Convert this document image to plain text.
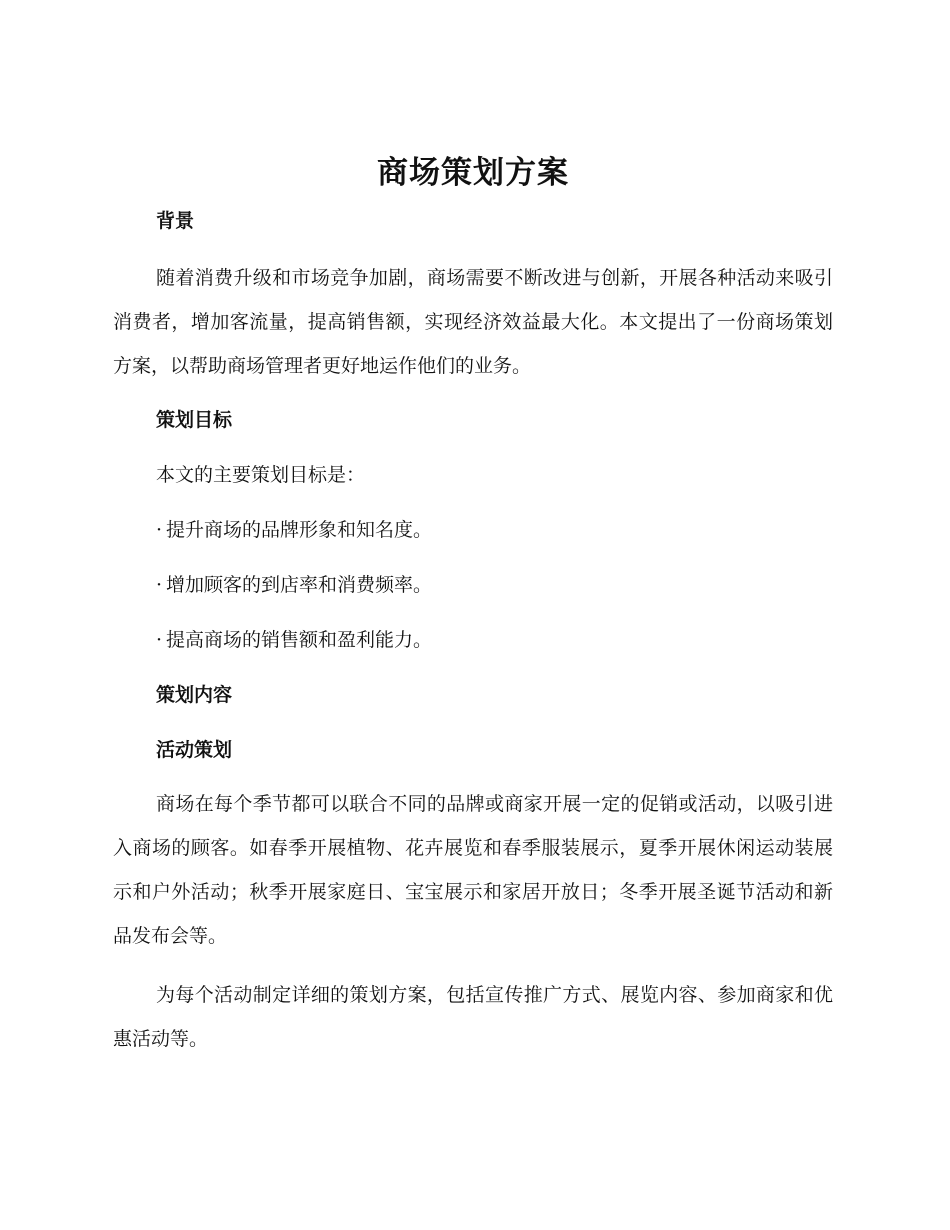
商场策划方案
背景

随着消费升级和市场竞争加剧，商场需要不断改进与创新，开展各种活动来吸引消费者，增加客流量，提高销售额，实现经济效益最大化。本文提出了一份商场策划方案，以帮助商场管理者更好地运作他们的业务。

策划目标

本文的主要策划目标是：

· 提升商场的品牌形象和知名度。

· 增加顾客的到店率和消费频率。

· 提高商场的销售额和盈利能力。

策划内容
活动策划

商场在每个季节都可以联合不同的品牌或商家开展一定的促销或活动，以吸引进入商场的顾客。如春季开展植物、花卉展览和春季服装展示，夏季开展休闲运动装展示和户外活动；秋季开展家庭日、宝宝展示和家居开放日；冬季开展圣诞节活动和新品发布会等。

为每个活动制定详细的策划方案，包括宣传推广方式、展览内容、参加商家和优惠活动等。
